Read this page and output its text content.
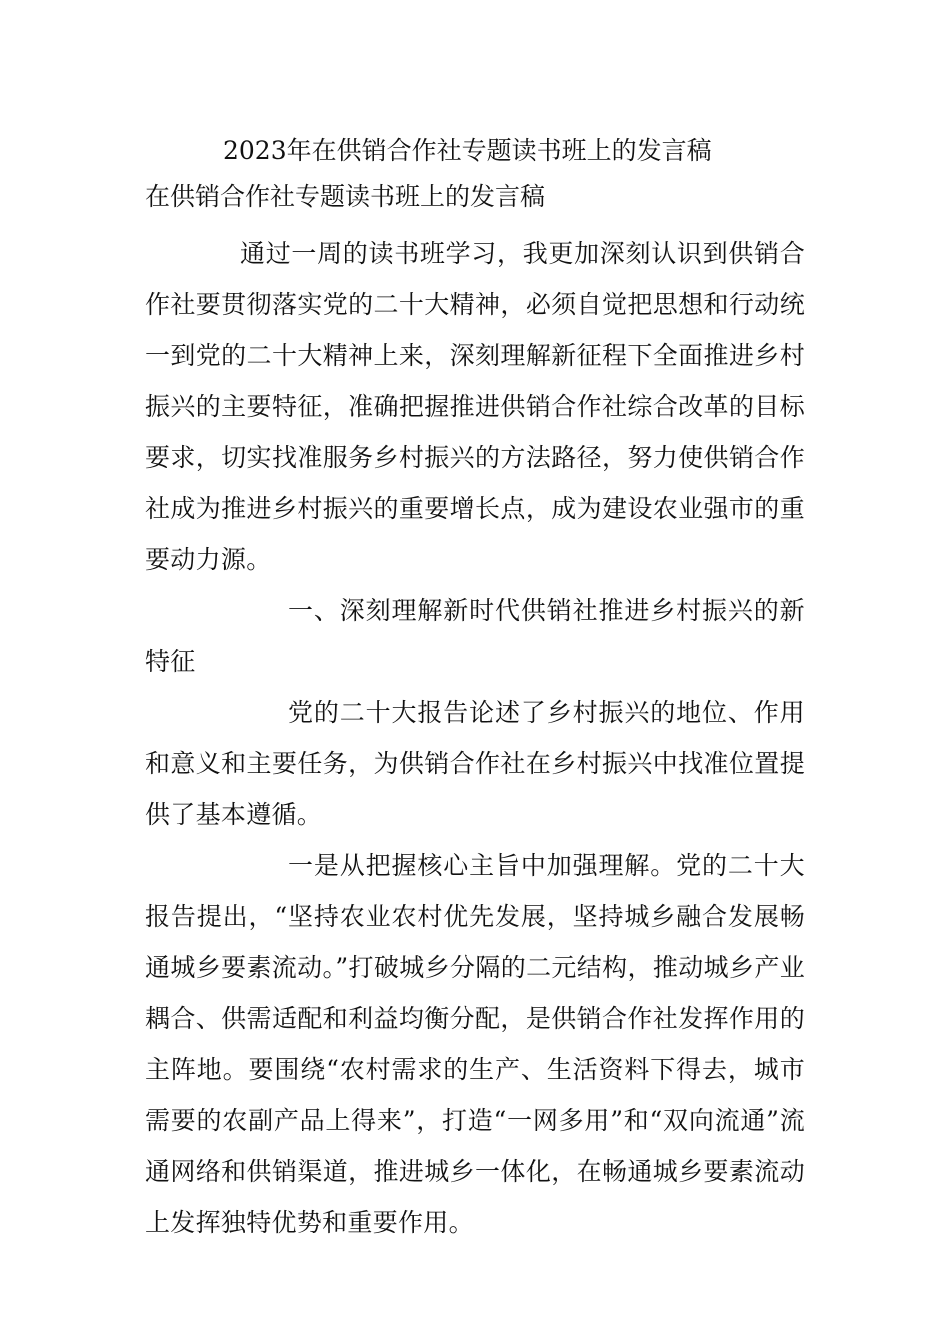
2023年在供销合作社专题读书班上的发言稿
在供销合作社专题读书班上的发言稿

通过一周的读书班学习，我更加深刻认识到供销合作社要贯彻落实党的二十大精神，必须自觉把思想和行动统一到党的二十大精神上来，深刻理解新征程下全面推进乡村振兴的主要特征，准确把握推进供销合作社综合改革的目标要求，切实找准服务乡村振兴的方法路径，努力使供销合作社成为推进乡村振兴的重要增长点，成为建设农业强市的重要动力源。

一、深刻理解新时代供销社推进乡村振兴的新特征

党的二十大报告论述了乡村振兴的地位、作用和意义和主要任务，为供销合作社在乡村振兴中找准位置提供了基本遵循。

一是从把握核心主旨中加强理解。党的二十大报告提出，“坚持农业农村优先发展，坚持城乡融合发展畅通城乡要素流动。”打破城乡分隔的二元结构，推动城乡产业耦合、供需适配和利益均衡分配，是供销合作社发挥作用的主阵地。要围绕“农村需求的生产、生活资料下得去，城市需要的农副产品上得来”，打造“一网多用”和“双向流通”流通网络和供销渠道，推进城乡一体化，在畅通城乡要素流动上发挥独特优势和重要作用。
